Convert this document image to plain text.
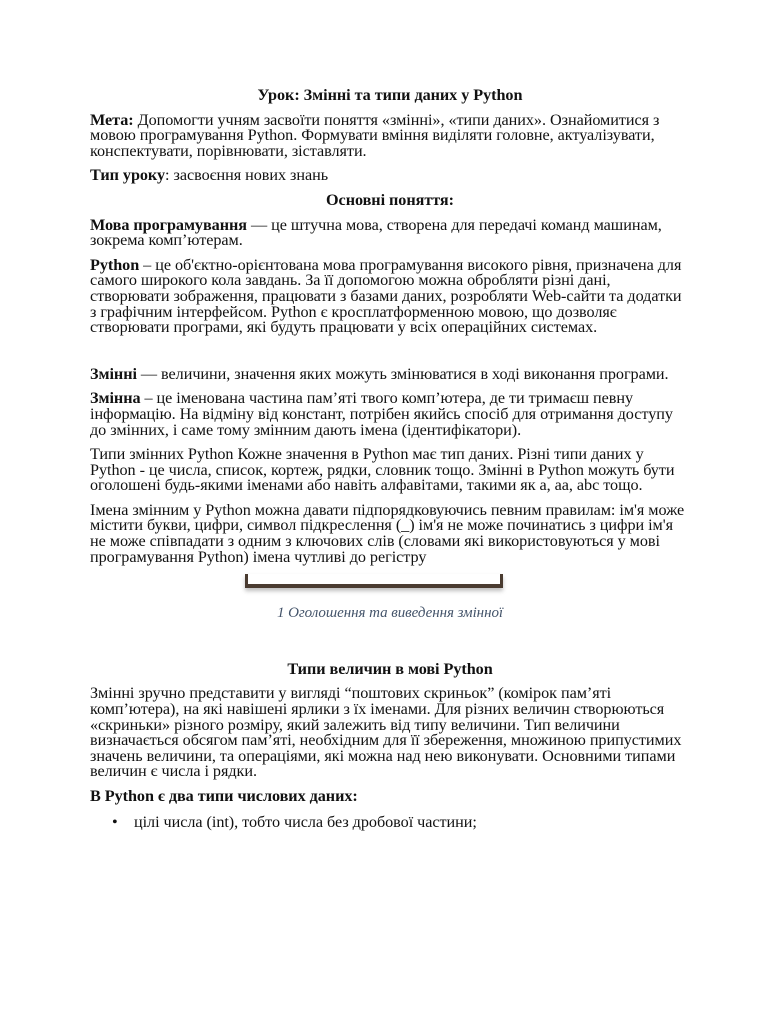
Урок: Змінні та типи даних у Python

Мета: Допомогти учням засвоїти поняття «змінні», «типи даних». Ознайомитися з мовою програмування Python. Формувати вміння виділяти головне, актуалізувати, конспектувати, порівнювати, зіставляти.

Тип уроку: засвоєння нових знань

Основні поняття:

Мова програмування — це штучна мова, створена для передачі команд машинам, зокрема комп’ютерам.

Python – це об'єктно-орієнтована мова програмування високого рівня, призначена для самого широкого кола завдань. За її допомогою можна обробляти різні дані, створювати зображення, працювати з базами даних, розробляти Web-сайти та додатки з графічним інтерфейсом. Python є кросплатформенною мовою, що дозволяє створювати програми, які будуть працювати у всіх операційних системах.

Змінні — величини, значення яких можуть змінюватися в ході виконання програми.

Змінна – це іменована частина пам’яті твого комп’ютера, де ти тримаєш певну інформацію. На відміну від констант, потрібен якийсь спосіб для отримання доступу до змінних, і саме тому змінним дають імена (ідентифікатори).

Типи змінних Python Кожне значення в Python має тип даних. Різні типи даних у Python - це числа, список, кортеж, рядки, словник тощо. Змінні в Python можуть бути оголошені будь-якими іменами або навіть алфавітами, такими як a, aa, abc тощо.

Імена змінним у Python можна давати підпорядковуючись певним правилам: ім'я може містити букви, цифри, символ підкреслення (_) ім'я не може починатись з цифри ім'я не може співпадати з одним з ключових слів (словами які використовуються у мові програмування Python) імена чутливі до регістру

1 Оголошення та виведення змінної

Типи величин в мові Python

Змінні зручно представити у вигляді “поштових скриньок” (комірок пам’яті комп’ютера), на які навішені ярлики з їх іменами. Для різних величин створюються «скриньки» різного розміру, який залежить від типу величини. Тип величини визначається обсягом пам’яті, необхідним для її збереження, множиною припустимих значень величини, та операціями, які можна над нею виконувати. Основними типами величин є числа і рядки.

В Python є два типи числових даних:

• цілі числа (int), тобто числа без дробової частини;
